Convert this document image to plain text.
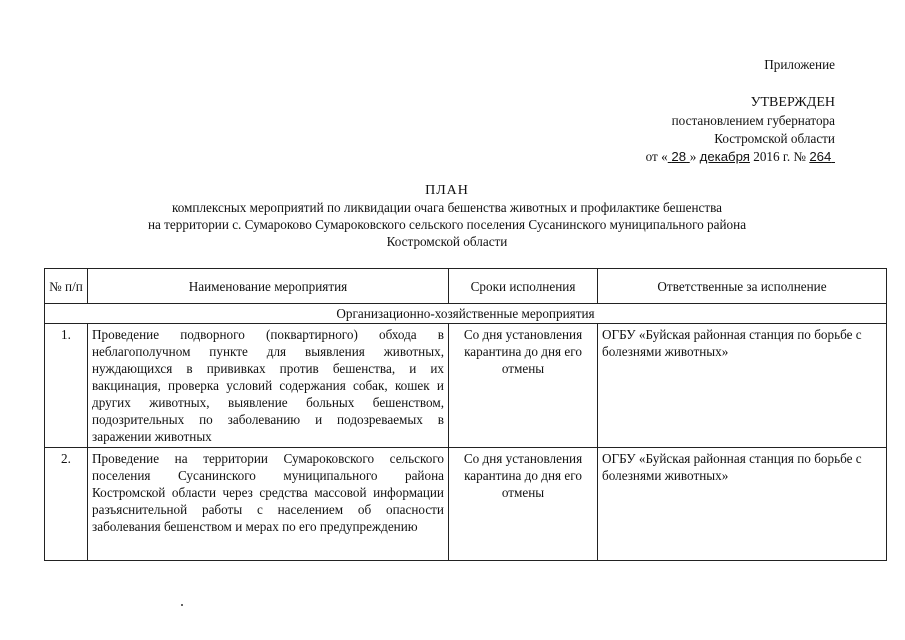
Приложение
УТВЕРЖДЕН
постановлением губернатора
Костромской области
от « 28 » декабря 2016 г. № 264
ПЛАН
комплексных мероприятий по ликвидации очага бешенства животных и профилактике бешенства
на территории с. Сумароково Сумароковского сельского поселения Сусанинского муниципального района
Костромской области
№ п/п	Наименование мероприятия	Сроки исполнения	Ответственные за исполнение
Организационно-хозяйственные мероприятия			
1.	Проведение подворного (поквартирного) обхода в неблагополучном пункте для выявления животных, нуждающихся в прививках против бешенства, и их вакцинация, проверка условий содержания собак, кошек и других животных, выявление больных бешенством, подозрительных по заболеванию и подозреваемых в заражении животных	Со дня установления карантина до дня его отмены	ОГБУ «Буйская районная станция по борьбе с болезнями животных»
2.	Проведение на территории Сумароковского сельского поселения Сусанинского муниципального района Костромской области через средства массовой информации разъяснительной работы с населением об опасности заболевания бешенством и мерах по его предупреждению	Со дня установления карантина до дня его отмены	ОГБУ «Буйская районная станция по борьбе с болезнями животных»
